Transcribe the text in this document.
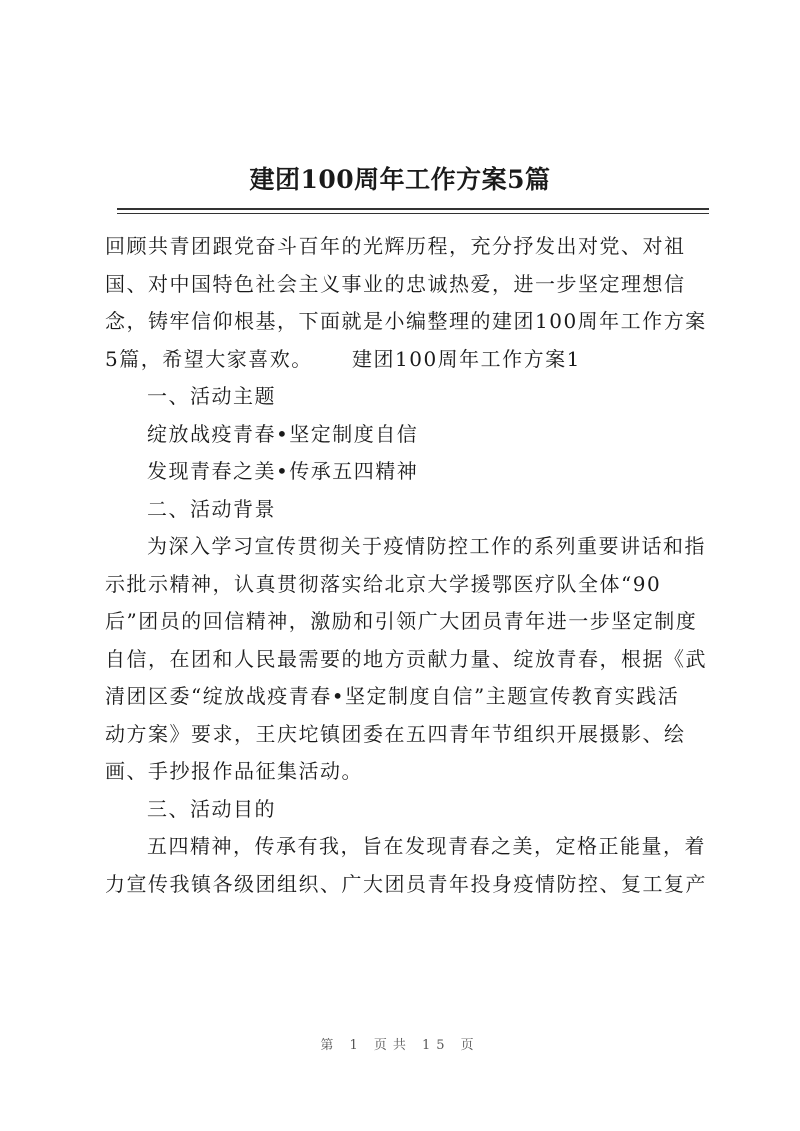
建团100周年工作方案5篇
回顾共青团跟党奋斗百年的光辉历程，充分抒发出对党、对祖
国、对中国特色社会主义事业的忠诚热爱，进一步坚定理想信
念，铸牢信仰根基，下面就是小编整理的建团100周年工作方案
5篇，希望大家喜欢。     建团100周年工作方案1
一、活动主题
绽放战疫青春•坚定制度自信
发现青春之美•传承五四精神
二、活动背景
为深入学习宣传贯彻关于疫情防控工作的系列重要讲话和指
示批示精神，认真贯彻落实给北京大学援鄂医疗队全体“90
后”团员的回信精神，激励和引领广大团员青年进一步坚定制度
自信，在团和人民最需要的地方贡献力量、绽放青春，根据《武
清团区委“绽放战疫青春•坚定制度自信”主题宣传教育实践活
动方案》要求，王庆坨镇团委在五四青年节组织开展摄影、绘
画、手抄报作品征集活动。
三、活动目的
五四精神，传承有我，旨在发现青春之美，定格正能量，着
力宣传我镇各级团组织、广大团员青年投身疫情防控、复工复产
第 1 页共 15 页
